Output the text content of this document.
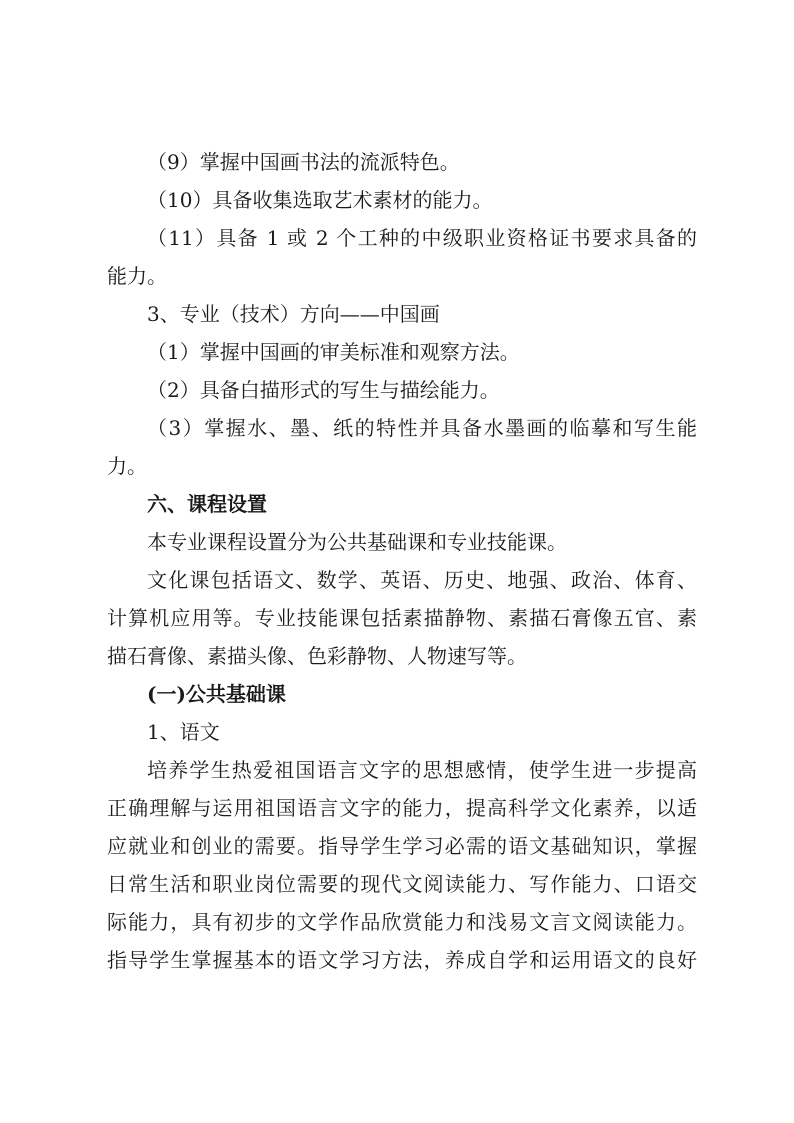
（9）掌握中国画书法的流派特色。
（10）具备收集选取艺术素材的能力。
（11）具备 1 或 2 个工种的中级职业资格证书要求具备的
能力。
3、专业（技术）方向——中国画
（1）掌握中国画的审美标准和观察方法。
（2）具备白描形式的写生与描绘能力。
（3）掌握水、墨、纸的特性并具备水墨画的临摹和写生能
力。
六、课程设置
本专业课程设置分为公共基础课和专业技能课。
文化课包括语文、数学、英语、历史、地强、政治、体育、
计算机应用等。专业技能课包括素描静物、素描石膏像五官、素
描石膏像、素描头像、色彩静物、人物速写等。
(一)公共基础课
1、语文
培养学生热爱祖国语言文字的思想感情，使学生进一步提高
正确理解与运用祖国语言文字的能力，提高科学文化素养，以适
应就业和创业的需要。指导学生学习必需的语文基础知识，掌握
日常生活和职业岗位需要的现代文阅读能力、写作能力、口语交
际能力，具有初步的文学作品欣赏能力和浅易文言文阅读能力。
指导学生掌握基本的语文学习方法，养成自学和运用语文的良好
